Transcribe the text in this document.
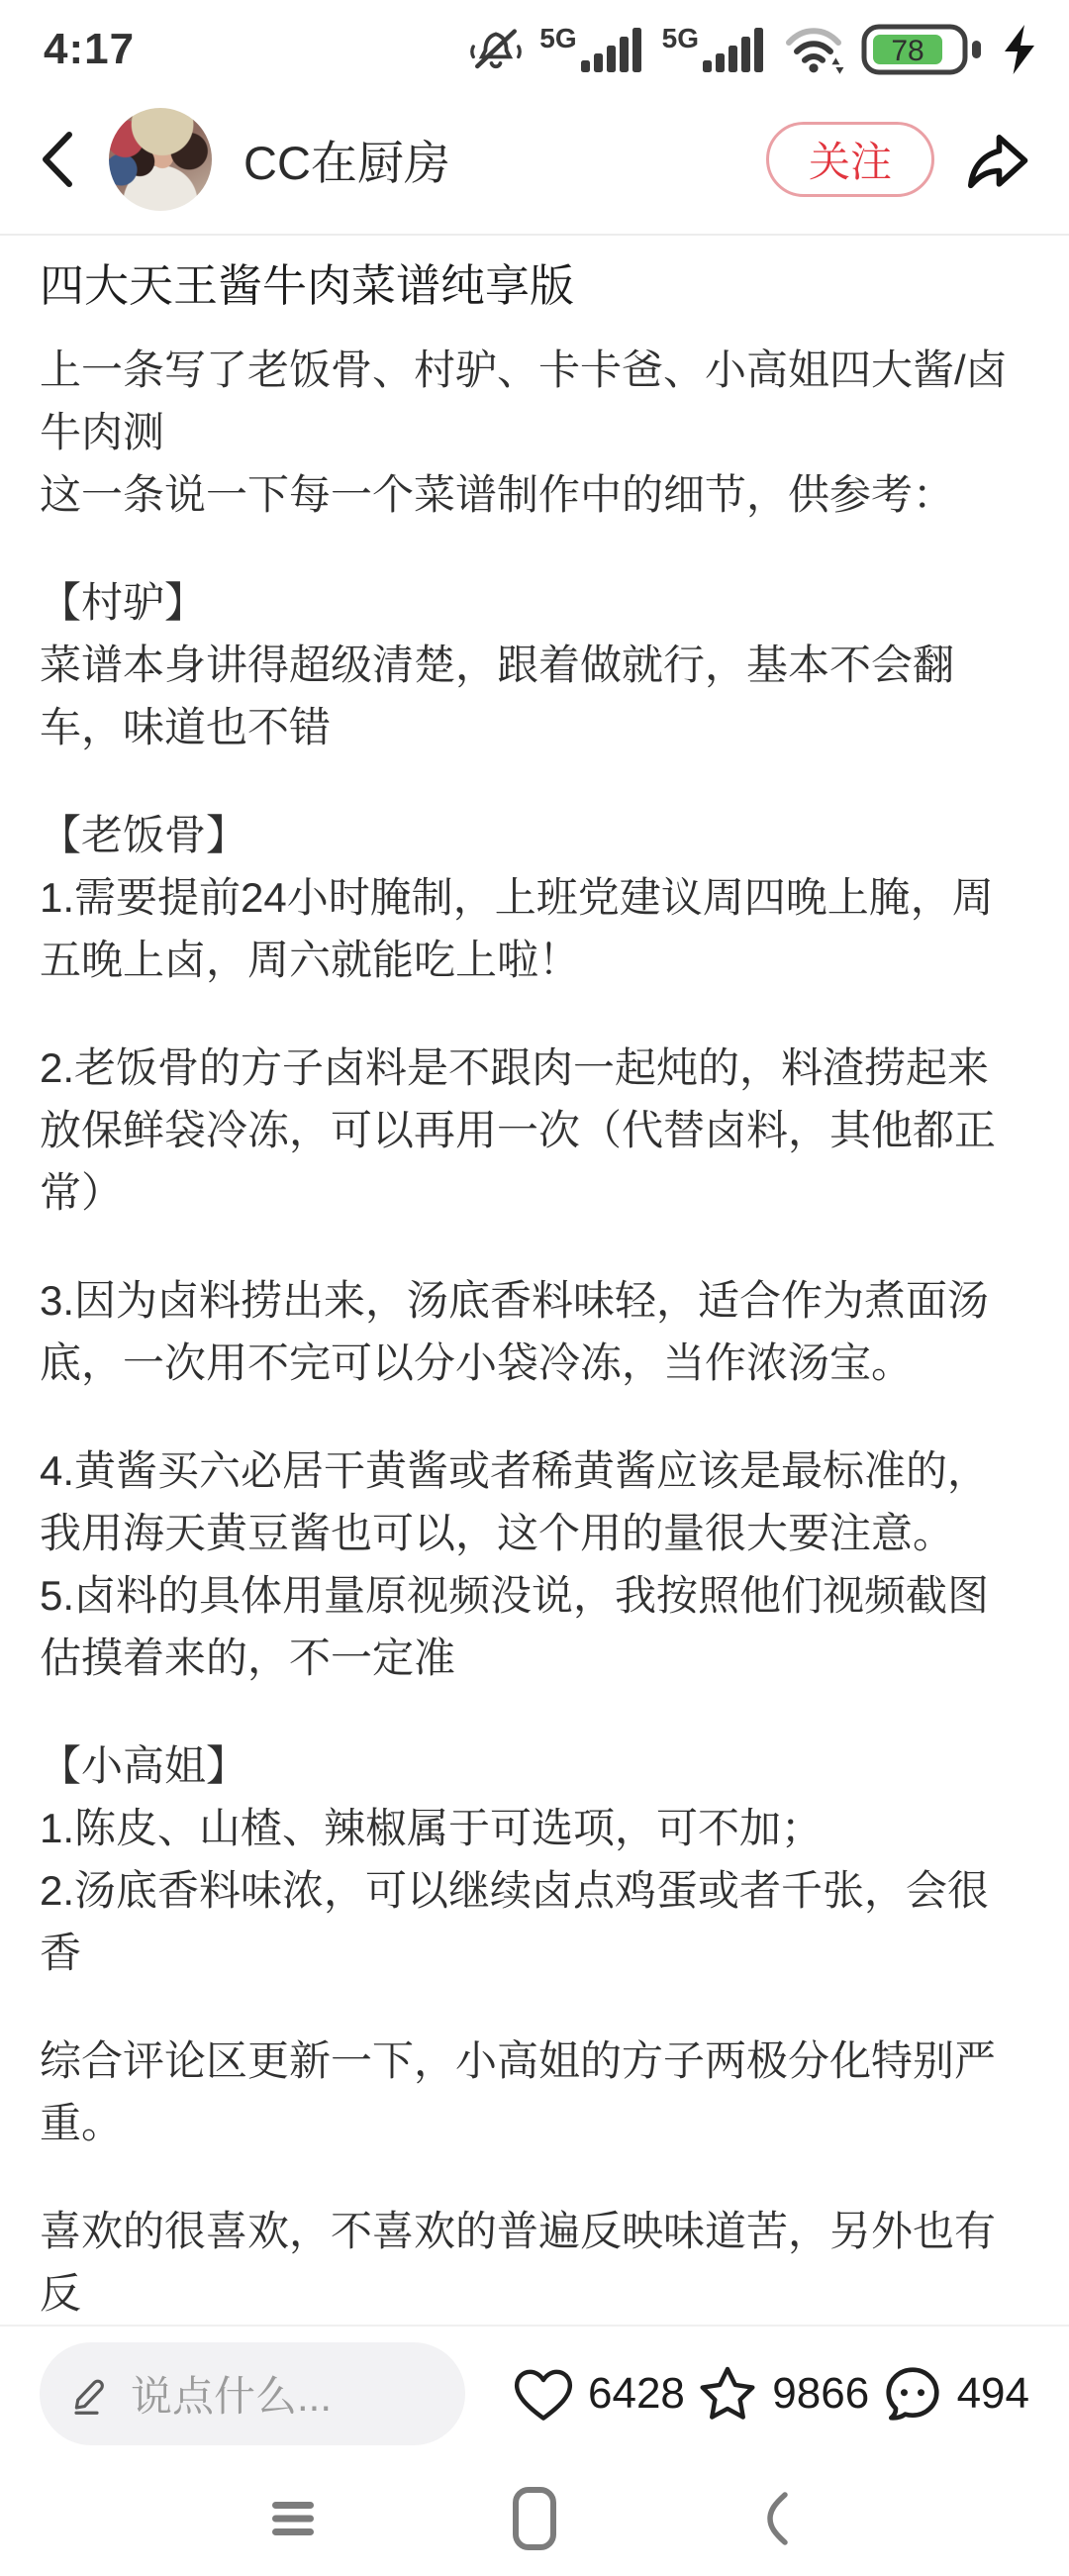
4:17	5G	5G	78
CC在厨房	关注
四大天王酱牛肉菜谱纯享版
上一条写了老饭骨、村驴、卡卡爸、小高姐四大酱/卤牛肉测
这一条说一下每一个菜谱制作中的细节，供参考：
【村驴】
菜谱本身讲得超级清楚，跟着做就行，基本不会翻车，味道也不错
【老饭骨】
1.需要提前24小时腌制，上班党建议周四晚上腌，周五晚上卤，周六就能吃上啦！
2.老饭骨的方子卤料是不跟肉一起炖的，料渣捞起来放保鲜袋冷冻，可以再用一次（代替卤料，其他都正常）
3.因为卤料捞出来，汤底香料味轻，适合作为煮面汤底，一次用不完可以分小袋冷冻，当作浓汤宝。
4.黄酱买六必居干黄酱或者稀黄酱应该是最标准的，我用海天黄豆酱也可以，这个用的量很大要注意。
5.卤料的具体用量原视频没说，我按照他们视频截图估摸着来的，不一定准
【小高姐】
1.陈皮、山楂、辣椒属于可选项，可不加；
2.汤底香料味浓，可以继续卤点鸡蛋或者千张，会很香
综合评论区更新一下，小高姐的方子两极分化特别严重。
喜欢的很喜欢，不喜欢的普遍反映味道苦，另外也有反
说点什么...	6428 9866 494
